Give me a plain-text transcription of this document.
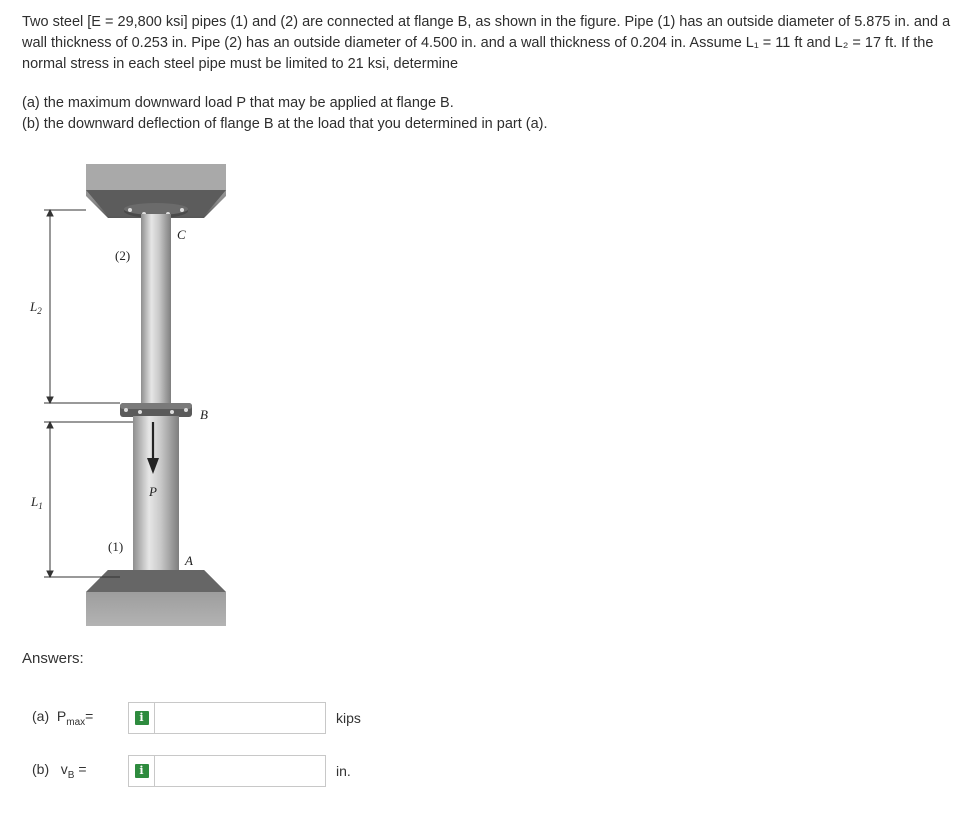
Two steel [E = 29,800 ksi] pipes (1) and (2) are connected at flange B, as shown in the figure. Pipe (1) has an outside diameter of 5.875 in. and a wall thickness of 0.253 in. Pipe (2) has an outside diameter of 4.500 in. and a wall thickness of 0.204 in. Assume L₁ = 11 ft and L₂ = 17 ft. If the normal stress in each steel pipe must be limited to 21 ksi, determine

(a) the maximum downward load P that may be applied at flange B.

(b) the downward deflection of flange B at the load that you determined in part (a).

C
(2)
$L_2$
B
P
$L_1$
(1)
A
Answers:
(a) $P_{max}=$	i	kips
(b) $v_B$ =	i	in.
